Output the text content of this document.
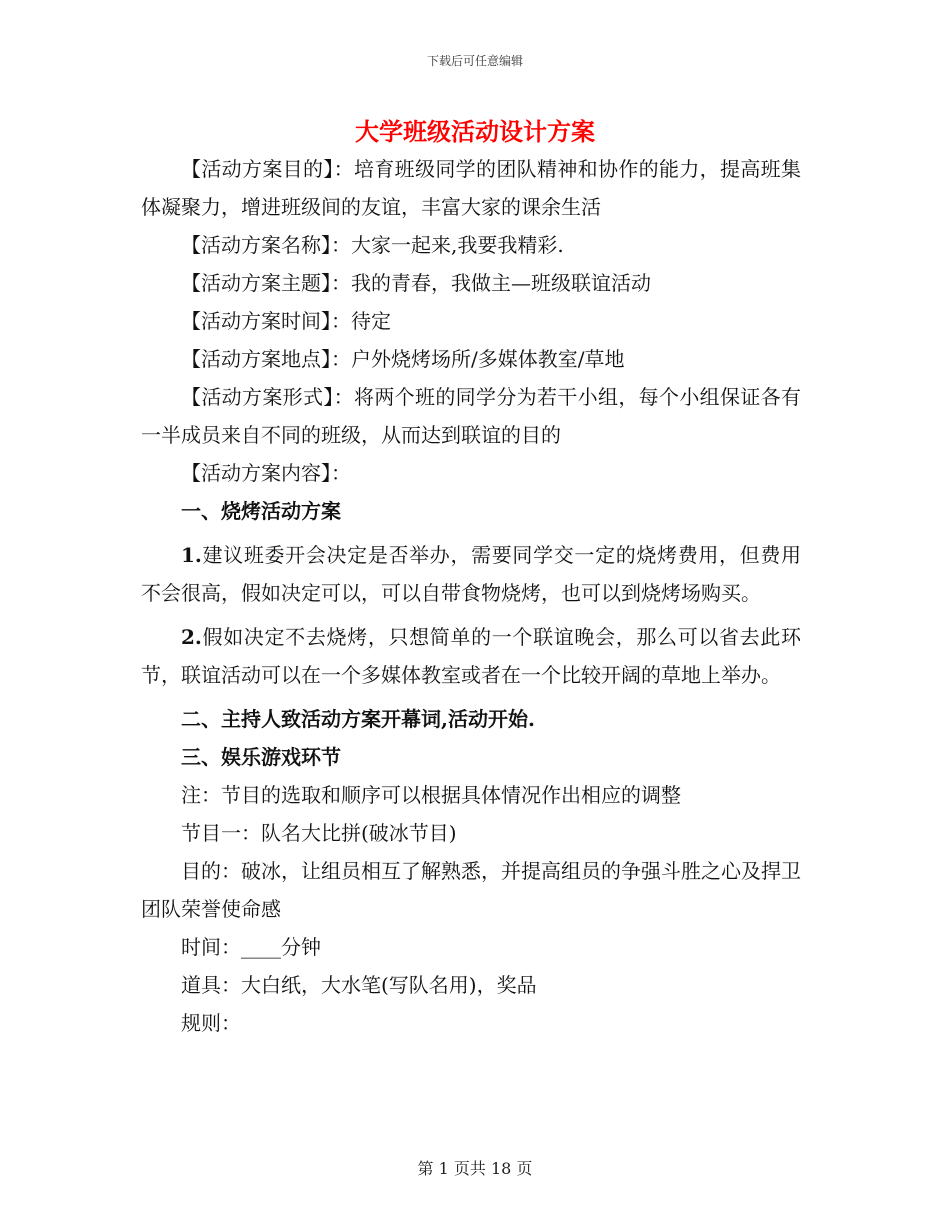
下载后可任意编辑
大学班级活动设计方案

【活动方案目的】：培育班级同学的团队精神和协作的能力，提高班集体凝聚力，增进班级间的友谊，丰富大家的课余生活

【活动方案名称】：大家一起来,我要我精彩.

【活动方案主题】：我的青春，我做主—班级联谊活动

【活动方案时间】：待定

【活动方案地点】：户外烧烤场所/多媒体教室/草地

【活动方案形式】：将两个班的同学分为若干小组，每个小组保证各有一半成员来自不同的班级，从而达到联谊的目的

【活动方案内容】：

一、烧烤活动方案

1.建议班委开会决定是否举办，需要同学交一定的烧烤费用，但费用不会很高，假如决定可以，可以自带食物烧烤，也可以到烧烤场购买。

2.假如决定不去烧烤，只想简单的一个联谊晚会，那么可以省去此环节，联谊活动可以在一个多媒体教室或者在一个比较开阔的草地上举办。

二、主持人致活动方案开幕词,活动开始.

三、娱乐游戏环节

注：节目的选取和顺序可以根据具体情况作出相应的调整

节目一：队名大比拼(破冰节目)

目的：破冰，让组员相互了解熟悉，并提高组员的争强斗胜之心及捍卫团队荣誉使命感

时间：____分钟

道具：大白纸，大水笔(写队名用)，奖品

规则：

第 1 页共 18 页
